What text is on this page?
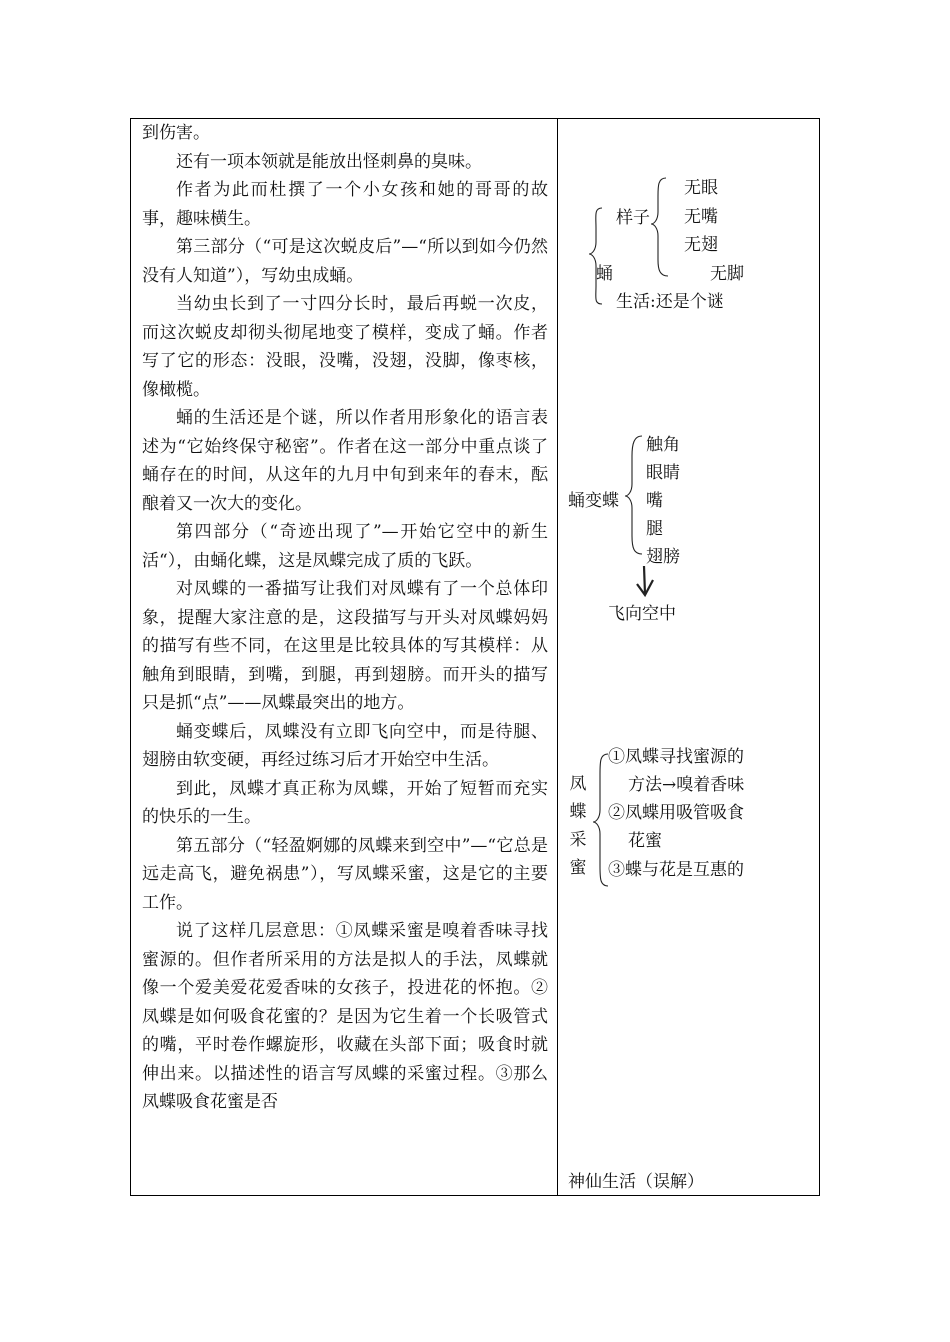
到伤害。

还有一项本领就是能放出怪刺鼻的臭味。

作者为此而杜撰了一个小女孩和她的哥哥的故事，趣味横生。

第三部分（“可是这次蜕皮后”—“所以到如今仍然没有人知道”），写幼虫成蛹。

当幼虫长到了一寸四分长时，最后再蜕一次皮，而这次蜕皮却彻头彻尾地变了模样，变成了蛹。作者写了它的形态：没眼，没嘴，没翅，没脚，像枣核，像橄榄。

蛹的生活还是个谜，所以作者用形象化的语言表述为“它始终保守秘密”。作者在这一部分中重点谈了蛹存在的时间，从这年的九月中旬到来年的春末，酝酿着又一次大的变化。

第四部分（“奇迹出现了”—开始它空中的新生活“），由蛹化蝶，这是凤蝶完成了质的飞跃。

对凤蝶的一番描写让我们对凤蝶有了一个总体印象，提醒大家注意的是，这段描写与开头对凤蝶妈妈的描写有些不同，在这里是比较具体的写其模样：从触角到眼睛，到嘴，到腿，再到翅膀。而开头的描写只是抓“点”——凤蝶最突出的地方。

蛹变蝶后，凤蝶没有立即飞向空中，而是待腿、翅膀由软变硬，再经过练习后才开始空中生活。

到此，凤蝶才真正称为凤蝶，开始了短暂而充实的快乐的一生。

第五部分（“轻盈婀娜的凤蝶来到空中”—“它总是远走高飞，避免祸患”），写凤蝶采蜜，这是它的主要工作。

说了这样几层意思：①凤蝶采蜜是嗅着香味寻找蜜源的。但作者所采用的方法是拟人的手法，凤蝶就像一个爱美爱花爱香味的女孩子，投进花的怀抱。②凤蝶是如何吸食花蜜的？是因为它生着一个长吸管式的嘴，平时卷作螺旋形，收藏在头部下面；吸食时就伸出来。以描述性的语言写凤蝶的采蜜过程。③那么凤蝶吸食花蜜是否

样子
无眼
无嘴
无翅
无脚
蛹
生活:还是个谜
蛹变蝶
触角
眼睛
嘴
腿
翅膀
飞向空中
凤蝶采蜜
①凤蝶寻找蜜源的
方法→嗅着香味
②凤蝶用吸管吸食
花蜜
③蝶与花是互惠的
神仙生活（误解）
